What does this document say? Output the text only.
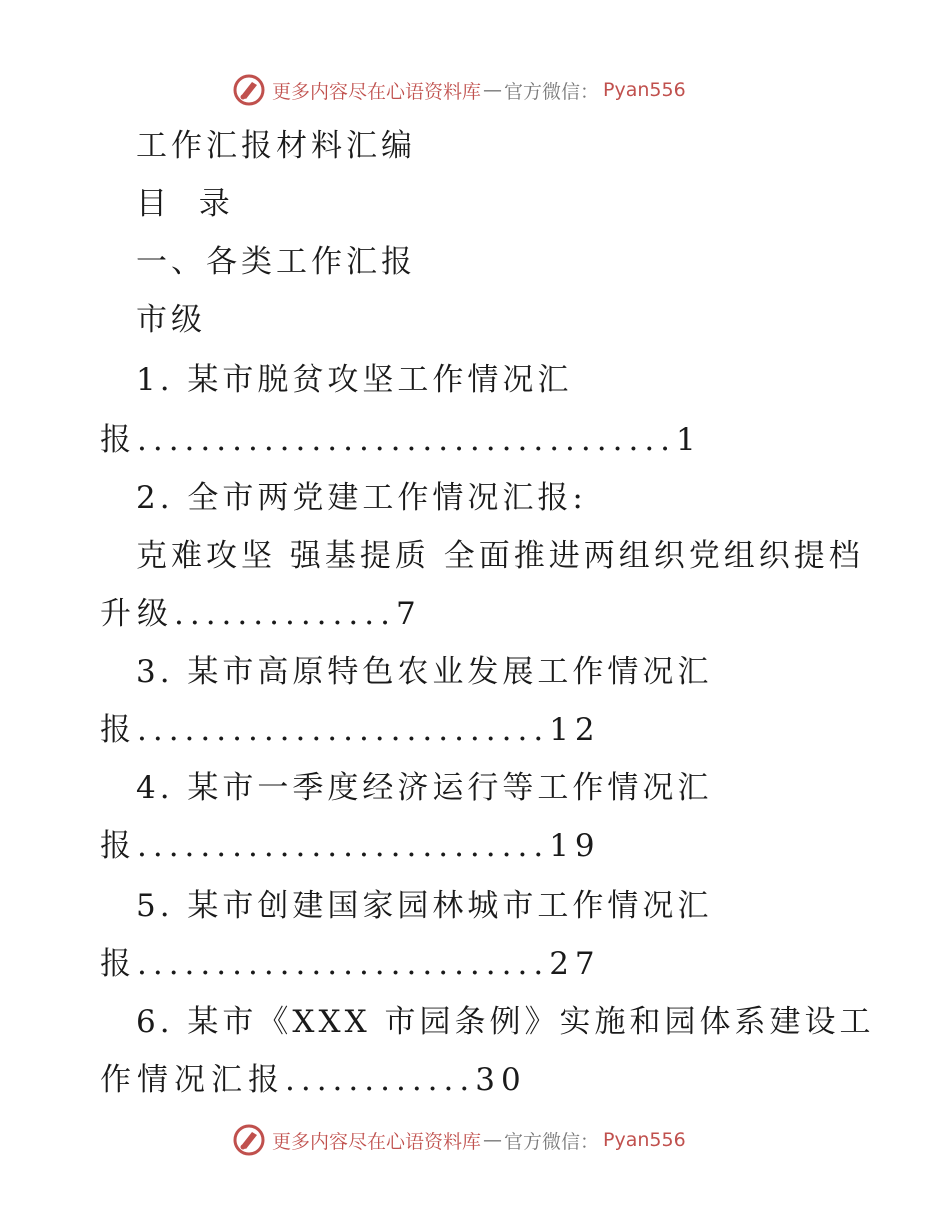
更多内容尽在心语资料库 — 官方微信： Pyan556
工作汇报材料汇编
目  录
一、各类工作汇报
市级
1. 某市脱贫攻坚工作情况汇
报..................................1
2. 全市两党建工作情况汇报:
克难攻坚 强基提质 全面推进两组织党组织提档
升级..............7
3. 某市高原特色农业发展工作情况汇
报..........................12
4. 某市一季度经济运行等工作情况汇
报..........................19
5. 某市创建国家园林城市工作情况汇
报..........................27
6. 某市《XXX 市园条例》实施和园体系建设工
作情况汇报............30
更多内容尽在心语资料库 — 官方微信： Pyan556
